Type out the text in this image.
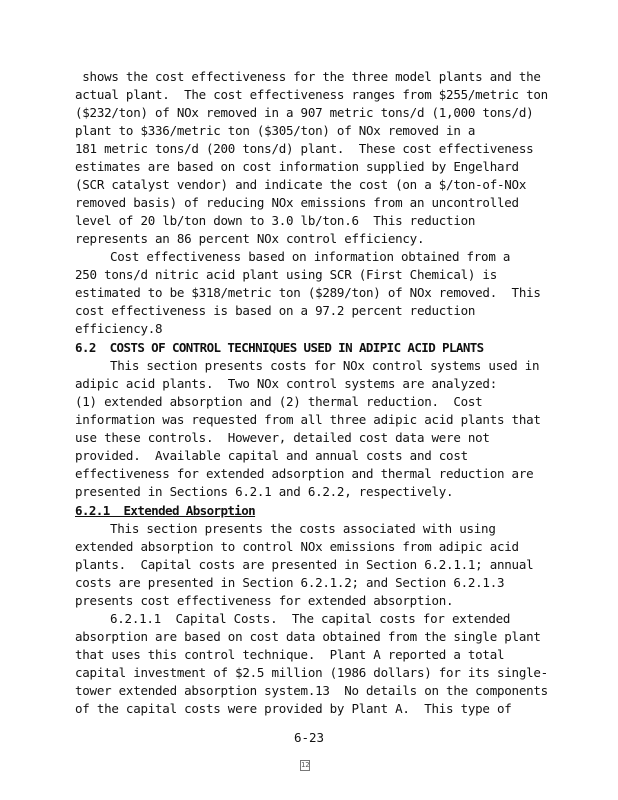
shows the cost effectiveness for the three model plants and the
actual plant.  The cost effectiveness ranges from $255/metric ton
($232/ton) of NOx removed in a 907 metric tons/d (1,000 tons/d)
plant to $336/metric ton ($305/ton) of NOx removed in a
181 metric tons/d (200 tons/d) plant.  These cost effectiveness
estimates are based on cost information supplied by Engelhard
(SCR catalyst vendor) and indicate the cost (on a $/ton-of-NOx
removed basis) of reducing NOx emissions from an uncontrolled
level of 20 lb/ton down to 3.0 lb/ton.6  This reduction
represents an 86 percent NOx control efficiency.
Cost effectiveness based on information obtained from a
250 tons/d nitric acid plant using SCR (First Chemical) is
estimated to be $318/metric ton ($289/ton) of NOx removed.  This
cost effectiveness is based on a 97.2 percent reduction
efficiency.8
6.2  COSTS OF CONTROL TECHNIQUES USED IN ADIPIC ACID PLANTS
This section presents costs for NOx control systems used in
adipic acid plants.  Two NOx control systems are analyzed:
(1) extended absorption and (2) thermal reduction.  Cost
information was requested from all three adipic acid plants that
use these controls.  However, detailed cost data were not
provided.  Available capital and annual costs and cost
effectiveness for extended adsorption and thermal reduction are
presented in Sections 6.2.1 and 6.2.2, respectively.
6.2.1  Extended Absorption
This section presents the costs associated with using
extended absorption to control NOx emissions from adipic acid
plants.  Capital costs are presented in Section 6.2.1.1; annual
costs are presented in Section 6.2.1.2; and Section 6.2.1.3
presents cost effectiveness for extended absorption.
6.2.1.1  Capital Costs.  The capital costs for extended
absorption are based on cost data obtained from the single plant
that uses this control technique.  Plant A reported a total
capital investment of $2.5 million (1986 dollars) for its single-
tower extended absorption system.13  No details on the components
of the capital costs were provided by Plant A.  This type of
6-23
12
